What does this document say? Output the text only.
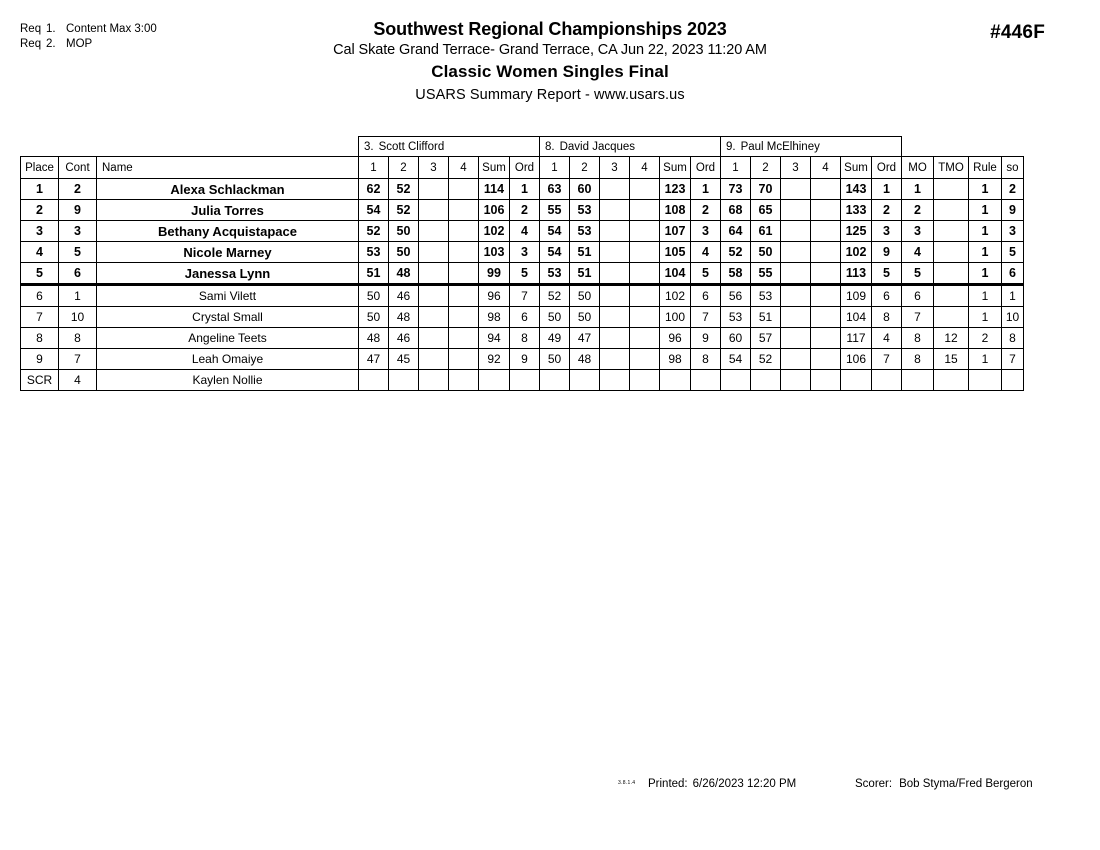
Req 1. Content Max 3:00
Req 2. MOP
#446F
Southwest Regional Championships 2023
Cal Skate Grand Terrace- Grand Terrace, CA Jun 22, 2023 11:20 AM
Classic Women Singles Final
USARS Summary Report - www.usars.us
			3. Scott Clifford						8. David Jacques						9. Paul McElhiney									
Place	Cont	Name	1	2	3	4	Sum	Ord	1	2	3	4	Sum	Ord	1	2	3	4	Sum	Ord	MO	TMO	Rule	so
1	2	Alexa Schlackman	62	52			114	1	63	60			123	1	73	70			143	1	1		1	2
2	9	Julia Torres	54	52			106	2	55	53			108	2	68	65			133	2	2		1	9
3	3	Bethany Acquistapace	52	50			102	4	54	53			107	3	64	61			125	3	3		1	3
4	5	Nicole Marney	53	50			103	3	54	51			105	4	52	50			102	9	4		1	5
5	6	Janessa Lynn	51	48			99	5	53	51			104	5	58	55			113	5	5		1	6
6	1	Sami Vilett	50	46			96	7	52	50			102	6	56	53			109	6	6		1	1
7	10	Crystal Small	50	48			98	6	50	50			100	7	53	51			104	8	7		1	10
8	8	Angeline Teets	48	46			94	8	49	47			96	9	60	57			117	4	8	12	2	8
9	7	Leah Omaiye	47	45			92	9	50	48			98	8	54	52			106	7	8	15	1	7
SCR	4	Kaylen Nollie																						
3.8.1.4 Printed: 6/26/2023 12:20 PM	Scorer: Bob Styma/Fred Bergeron
